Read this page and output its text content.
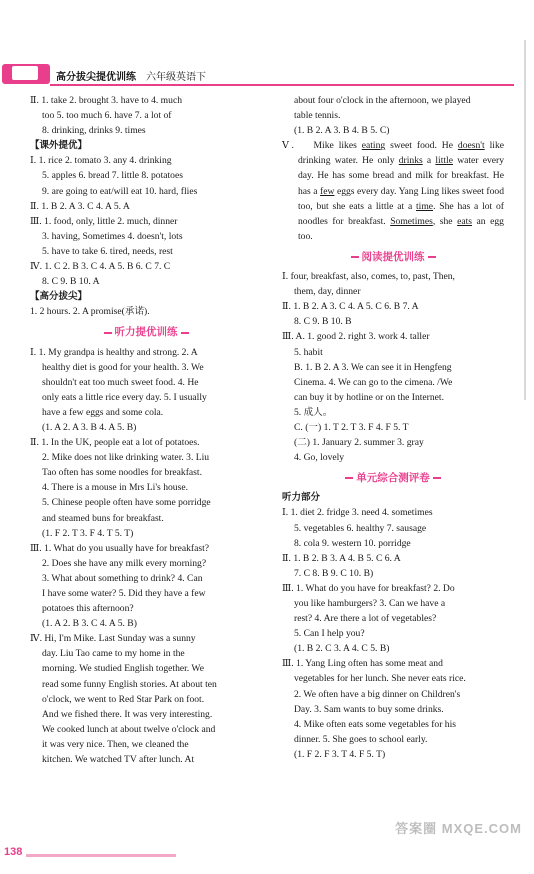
高分拔尖提优训练 六年级英语下
Ⅱ. 1. take 2. brought 3. have to 4. much
too 5. too much 6. have 7. a lot of
8. drinking, drinks 9. times
【课外提优】
Ⅰ. 1. rice 2. tomato 3. any 4. drinking
5. apples 6. bread 7. little 8. potatoes
9. are going to eat/will eat 10. hard, flies
Ⅱ. 1. B 2. A 3. C 4. A 5. A
Ⅲ. 1. food, only, little 2. much, dinner
3. having, Sometimes 4. doesn't, lots
5. have to take 6. tired, needs, rest
Ⅳ. 1. C 2. B 3. C 4. A 5. B 6. C 7. C
8. C 9. B 10. A
【高分拔尖】
1. 2 hours. 2. A promise(承诺).
听力提优训练
Ⅰ. 1. My grandpa is healthy and strong. 2. A
healthy diet is good for your health. 3. We
shouldn't eat too much sweet food. 4. He
only eats a little rice every day. 5. I usually
have a few eggs and some cola.
(1. A 2. A 3. B 4. A 5. B)
Ⅱ. 1. In the UK, people eat a lot of potatoes.
2. Mike does not like drinking water. 3. Liu
Tao often has some noodles for breakfast.
4. There is a mouse in Mrs Li's house.
5. Chinese people often have some porridge
and steamed buns for breakfast.
(1. F 2. T 3. F 4. T 5. T)
Ⅲ. 1. What do you usually have for breakfast?
2. Does she have any milk every morning?
3. What about something to drink? 4. Can
I have some water? 5. Did they have a few
potatoes this afternoon?
(1. A 2. B 3. C 4. A 5. B)
Ⅳ. Hi, I'm Mike. Last Sunday was a sunny
day. Liu Tao came to my home in the
morning. We studied English together. We
read some funny English stories. At about ten
o'clock, we went to Red Star Park on foot.
And we fished there. It was very interesting.
We cooked lunch at about twelve o'clock and
it was very nice. Then, we cleaned the
kitchen. We watched TV after lunch. At
about four o'clock in the afternoon, we played
table tennis.
(1. B 2. A 3. B 4. B 5. C)
Ⅴ. Mike likes eating sweet food. He doesn't like drinking water. He only drinks a little water every day. He has some bread and milk for breakfast. He has a few eggs every day. Yang Ling likes sweet food too, but she eats a little at a time. She has a lot of noodles for breakfast. Sometimes, she eats an egg too.
阅读提优训练
Ⅰ. four, breakfast, also, comes, to, past, Then,
them, day, dinner
Ⅱ. 1. B 2. A 3. C 4. A 5. C 6. B 7. A
8. C 9. B 10. B
Ⅲ. A. 1. good 2. right 3. work 4. taller
5. habit
B. 1. B 2. A 3. We can see it in Hengfeng
Cinema. 4. We can go to the cimena. /We
can buy it by hotline or on the Internet.
5. 成人。
C. (一) 1. T 2. T 3. F 4. F 5. T
(二) 1. January 2. summer 3. gray
4. Go, lovely
单元综合测评卷
听力部分
Ⅰ. 1. diet 2. fridge 3. need 4. sometimes
5. vegetables 6. healthy 7. sausage
8. cola 9. western 10. porridge
Ⅱ. 1. B 2. B 3. A 4. B 5. C 6. A
7. C 8. B 9. C 10. B)
Ⅲ. 1. What do you have for breakfast? 2. Do
you like hamburgers? 3. Can we have a
rest? 4. Are there a lot of vegetables?
5. Can I help you?
(1. B 2. C 3. A 4. C 5. B)
Ⅲ. 1. Yang Ling often has some meat and
vegetables for her lunch. She never eats rice.
2. We often have a big dinner on Children's
Day. 3. Sam wants to buy some drinks.
4. Mike often eats some vegetables for his
dinner. 5. She goes to school early.
(1. F 2. F 3. T 4. F 5. T)
138
答案圈 MXQE.COM
